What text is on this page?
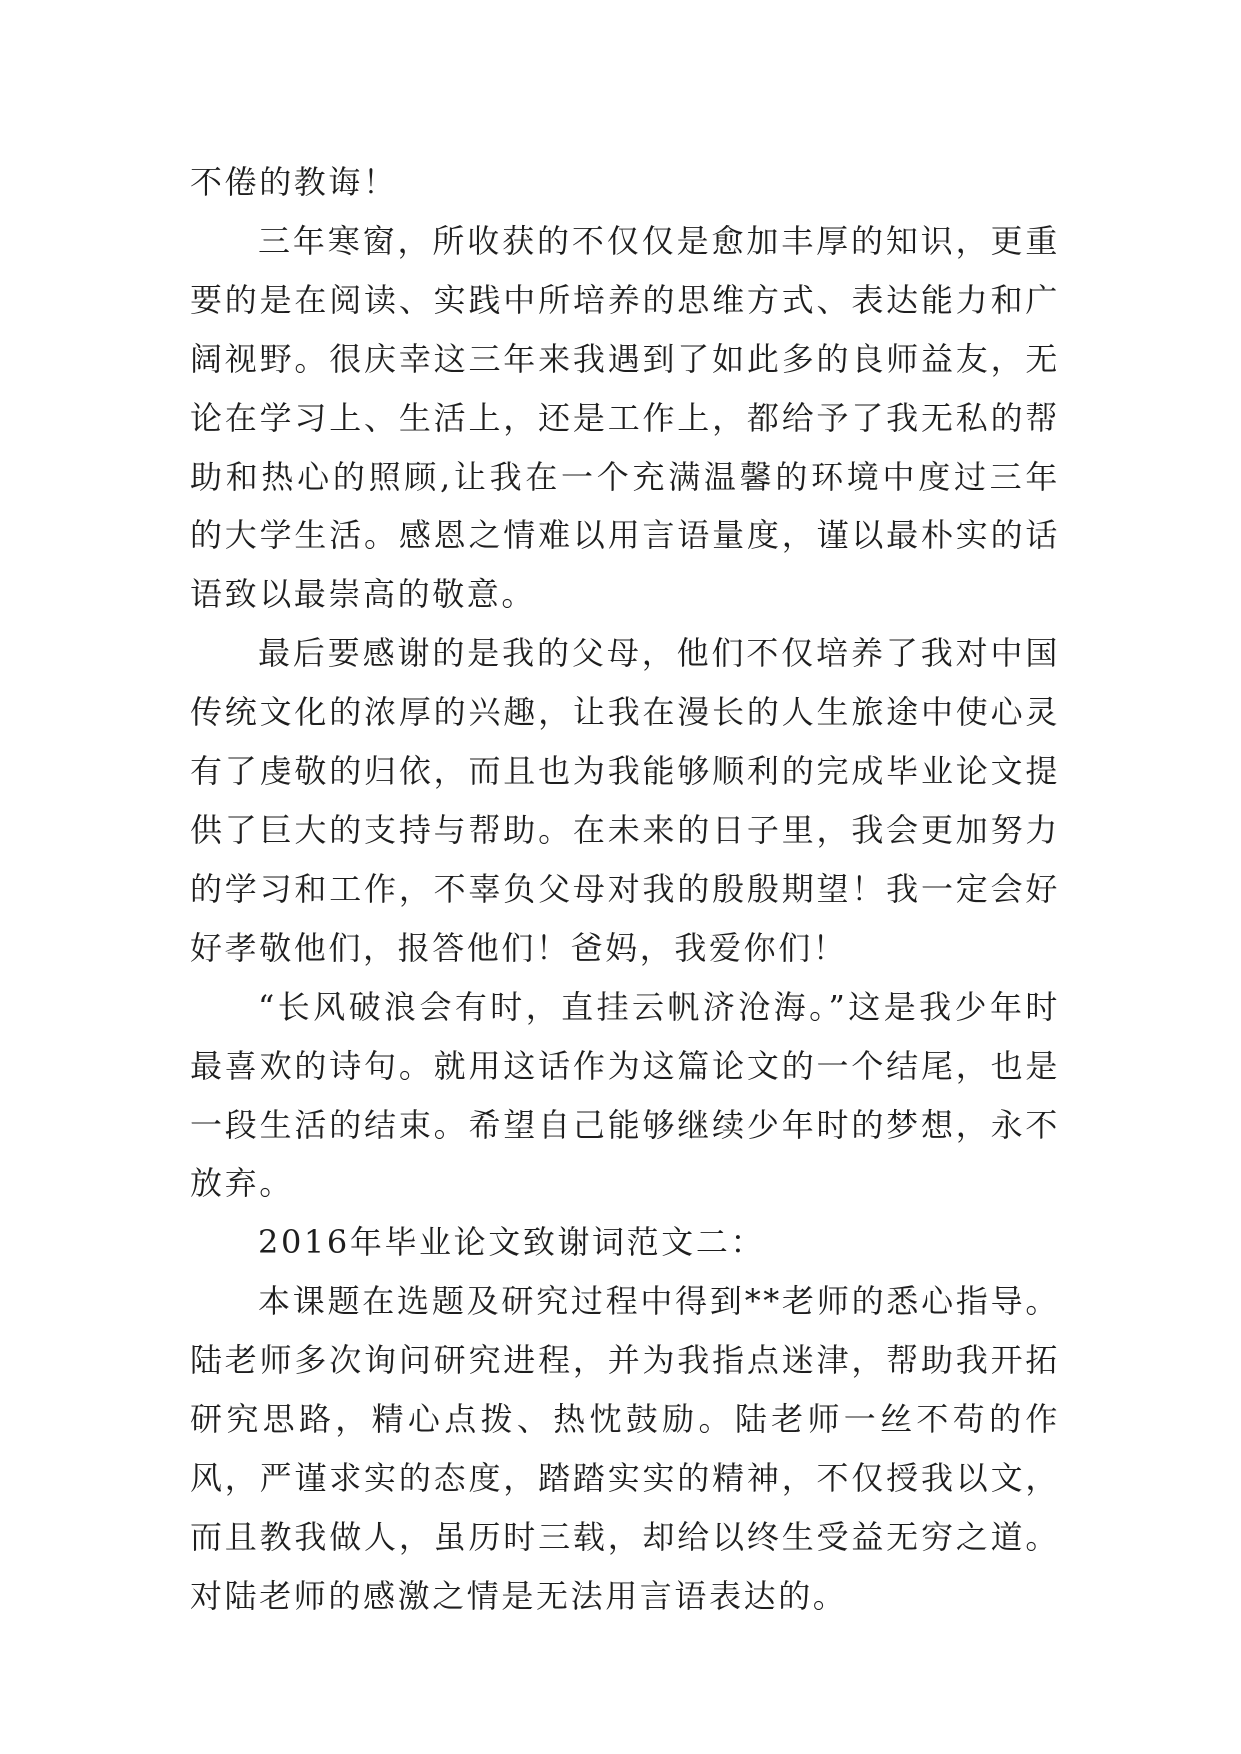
不倦的教诲！

三年寒窗，所收获的不仅仅是愈加丰厚的知识，更重要的是在阅读、实践中所培养的思维方式、表达能力和广阔视野。很庆幸这三年来我遇到了如此多的良师益友，无论在学习上、生活上，还是工作上，都给予了我无私的帮助和热心的照顾,让我在一个充满温馨的环境中度过三年的大学生活。感恩之情难以用言语量度，谨以最朴实的话语致以最崇高的敬意。

最后要感谢的是我的父母，他们不仅培养了我对中国传统文化的浓厚的兴趣，让我在漫长的人生旅途中使心灵有了虔敬的归依，而且也为我能够顺利的完成毕业论文提供了巨大的支持与帮助。在未来的日子里，我会更加努力的学习和工作，不辜负父母对我的殷殷期望！我一定会好好孝敬他们，报答他们！爸妈，我爱你们！

“长风破浪会有时，直挂云帆济沧海。”这是我少年时最喜欢的诗句。就用这话作为这篇论文的一个结尾，也是一段生活的结束。希望自己能够继续少年时的梦想，永不放弃。

2016年毕业论文致谢词范文二：

本课题在选题及研究过程中得到**老师的悉心指导。陆老师多次询问研究进程，并为我指点迷津，帮助我开拓研究思路，精心点拨、热忱鼓励。陆老师一丝不苟的作风，严谨求实的态度，踏踏实实的精神，不仅授我以文，而且教我做人，虽历时三载，却给以终生受益无穷之道。对陆老师的感激之情是无法用言语表达的。
